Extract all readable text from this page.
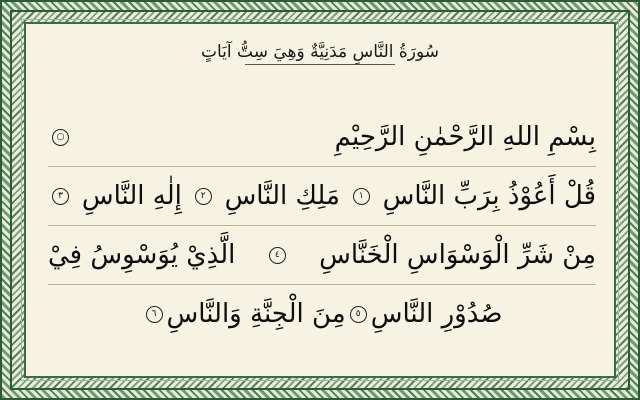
سُورَةُ النَّاسِ مَدَنِيَّةٌ وَهِيَ سِتُّ آيَاتٍ
بِسْمِ اللهِ الرَّحْمٰنِ الرَّحِيْمِ
○
قُلْ أَعُوْذُ بِرَبِّ النَّاسِ
١
مَلِكِ النَّاسِ
٢
إِلٰهِ النَّاسِ
٣
مِنْ شَرِّ الْوَسْوَاسِ الْخَنَّاسِ
٤
الَّذِيْ يُوَسْوِسُ فِيْ
صُدُوْرِ النَّاسِ
٥
مِنَ الْجِنَّةِ وَالنَّاسِ
٦
